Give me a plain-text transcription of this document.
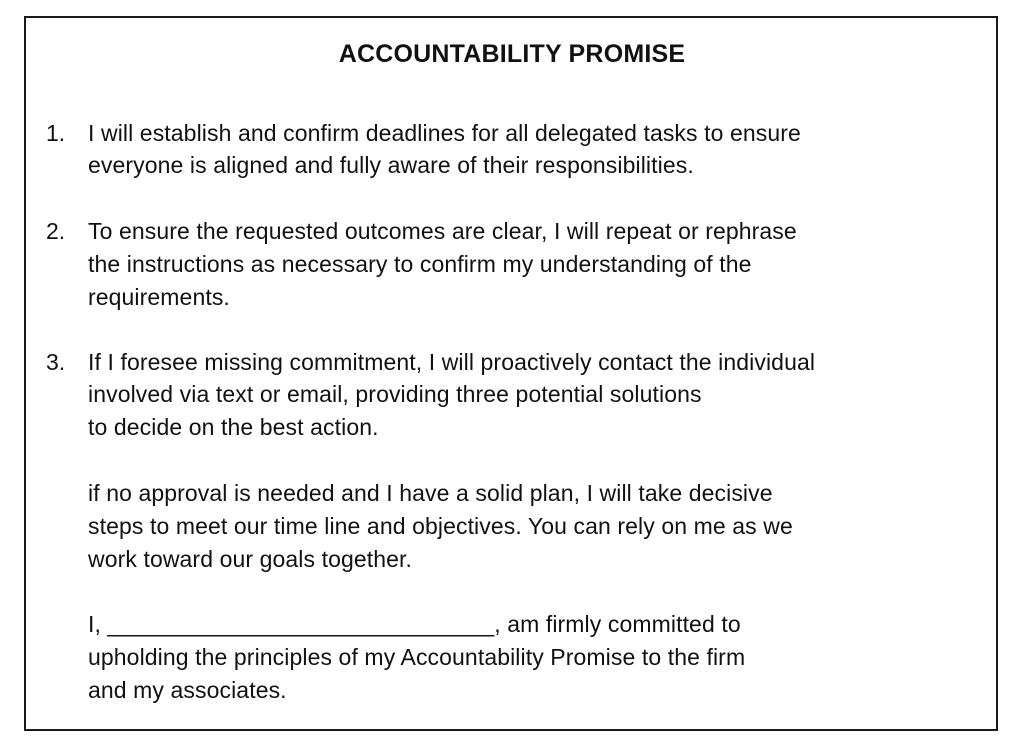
ACCOUNTABILITY PROMISE
1. I will establish and confirm deadlines for all delegated tasks to ensure
everyone is aligned and fully aware of their responsibilities.
2. To ensure the requested outcomes are clear, I will repeat or rephrase
the instructions as necessary to confirm my understanding of the
requirements.
3. If I foresee missing commitment, I will proactively contact the individual
involved via text or email, providing three potential solutions
to decide on the best action.
if no approval is needed and I have a solid plan, I will take decisive
steps to meet our time line and objectives. You can rely on me as we
work toward our goals together.
I, ______________________________, am firmly committed to
upholding the principles of my Accountability Promise to the firm
and my associates.
